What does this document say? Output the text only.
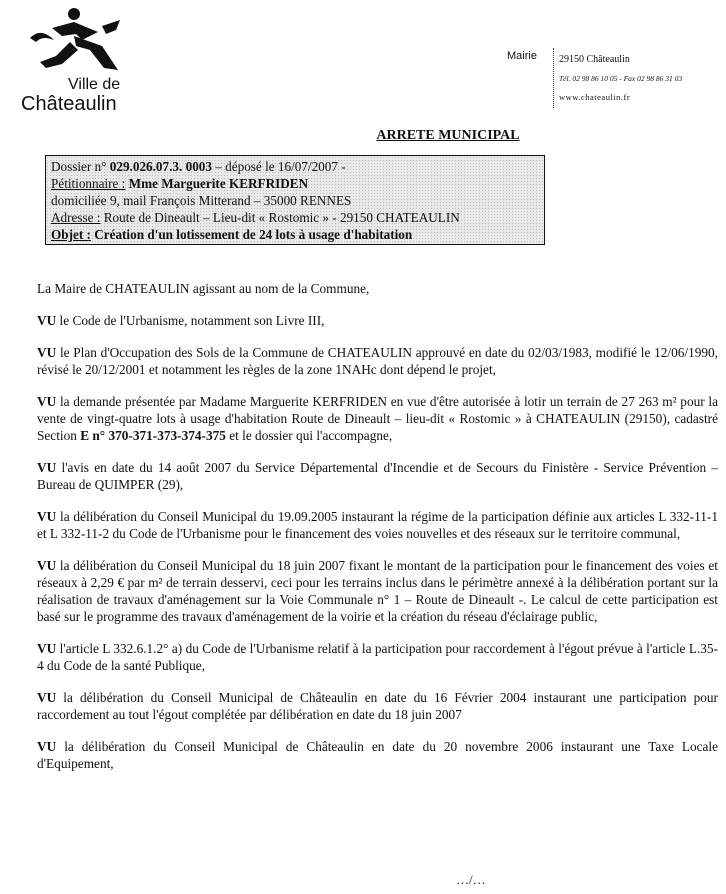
Ville de
Châteaulin
Mairie 29150 Châteaulin
Tél. 02 98 86 10 05 - Fax 02 98 86 31 03
www.chateaulin.fr
ARRETE MUNICIPAL
Dossier n° 029.026.07.3. 0003 – déposé le 16/07/2007 -
Pétitionnaire : Mme Marguerite KERFRIDEN
domiciliée 9, mail François Mitterand – 35000 RENNES
Adresse : Route de Dineault – Lieu-dit « Rostomic » - 29150 CHATEAULIN
Objet : Création d'un lotissement de 24 lots à usage d'habitation

La Maire de CHATEAULIN agissant au nom de la Commune,

VU le Code de l'Urbanisme, notamment son Livre III,

VU le Plan d'Occupation des Sols de la Commune de CHATEAULIN approuvé en date du 02/03/1983, modifié le 12/06/1990, révisé le 20/12/2001 et notamment les règles de la zone 1NAHc dont dépend le projet,

VU la demande présentée par Madame Marguerite KERFRIDEN en vue d'être autorisée à lotir un terrain de 27 263 m² pour la vente de vingt-quatre lots à usage d'habitation Route de Dineault – lieu-dit « Rostomic » à CHATEAULIN (29150), cadastré Section E n° 370-371-373-374-375 et le dossier qui l'accompagne,

VU l'avis en date du 14 août 2007 du Service Départemental d'Incendie et de Secours du Finistère - Service Prévention – Bureau de QUIMPER (29),

VU la délibération du Conseil Municipal du 19.09.2005 instaurant la régime de la participation définie aux articles L 332-11-1 et L 332-11-2 du Code de l'Urbanisme pour le financement des voies nouvelles et des réseaux sur le territoire communal,

VU la délibération du Conseil Municipal du 18 juin 2007 fixant le montant de la participation pour le financement des voies et réseaux à 2,29 € par m² de terrain desservi, ceci pour les terrains inclus dans le périmètre annexé à la délibération portant sur la réalisation de travaux d'aménagement sur la Voie Communale n° 1 – Route de Dineault -. Le calcul de cette participation est basé sur le programme des travaux d'aménagement de la voirie et la création du réseau d'éclairage public,

VU l'article L 332.6.1.2° a) du Code de l'Urbanisme relatif à la participation pour raccordement à l'égout prévue à l'article L.35-4 du Code de la santé Publique,

VU la délibération du Conseil Municipal de Châteaulin en date du 16 Février 2004 instaurant une participation pour raccordement au tout l'égout complétée par délibération en date du 18 juin 2007

VU la délibération du Conseil Municipal de Châteaulin en date du 20 novembre 2006 instaurant une Taxe Locale d'Equipement,

…/…
